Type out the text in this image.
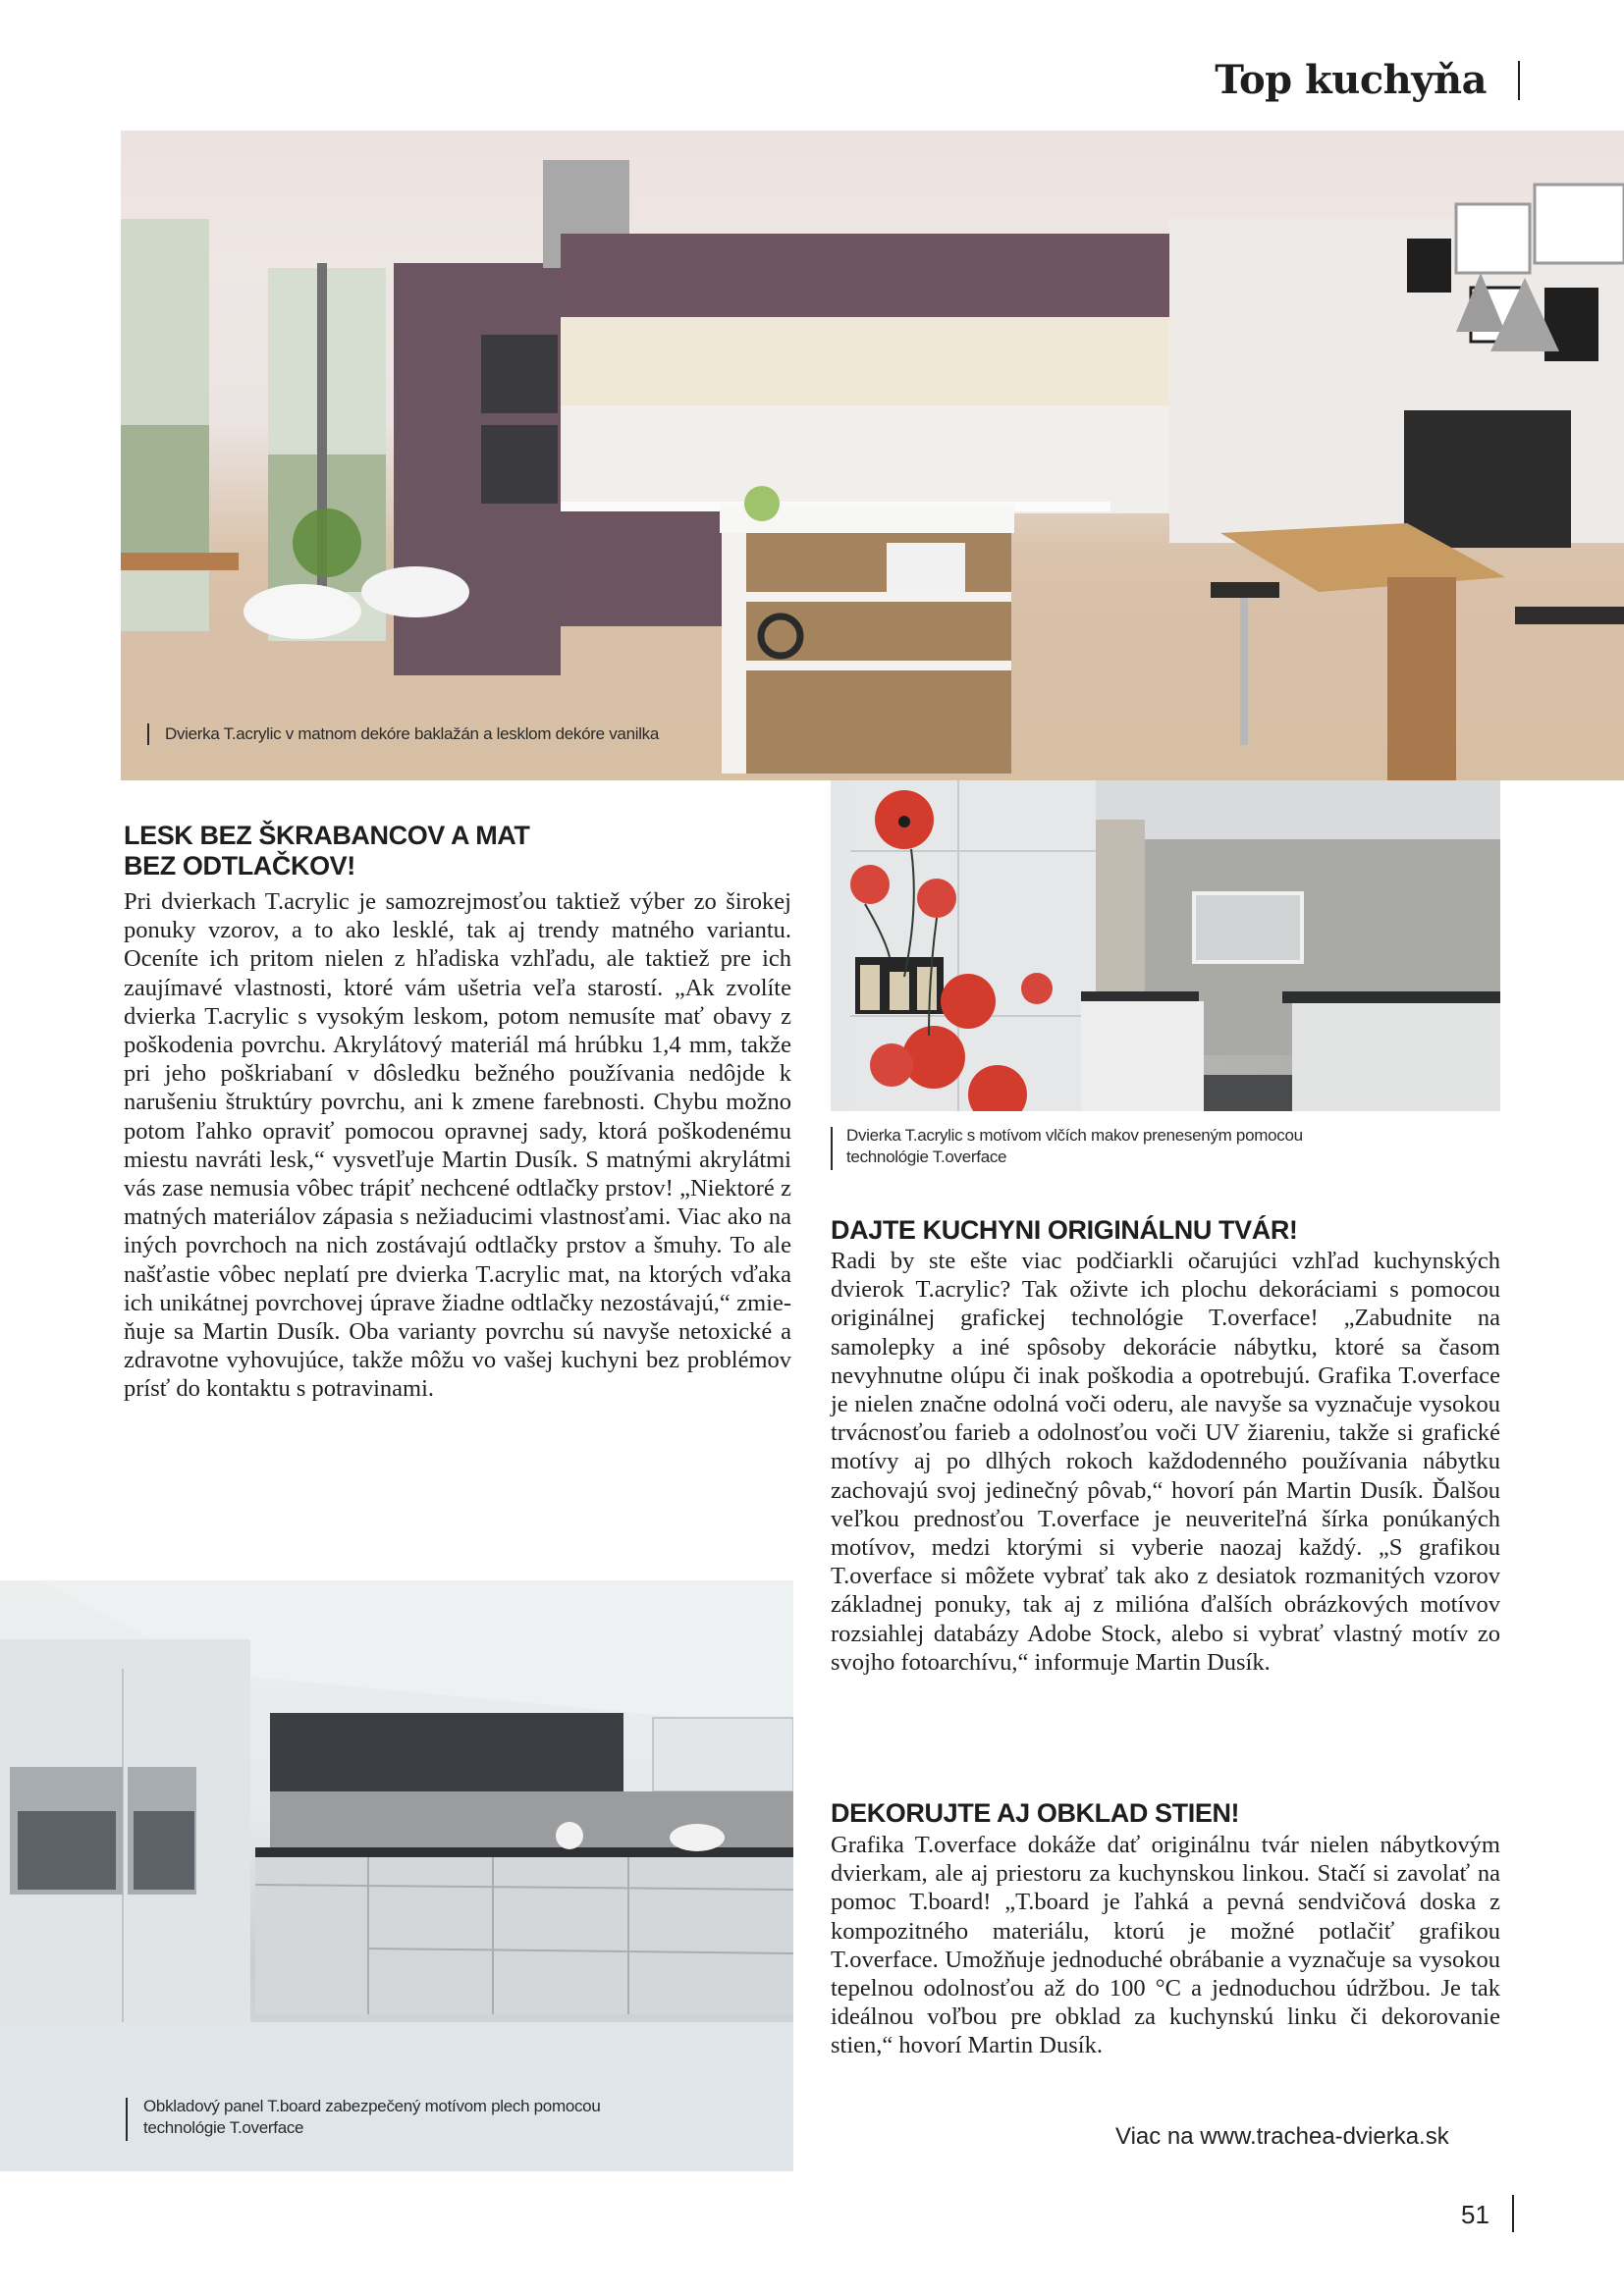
Top kuchyňa
Dvierka T.acrylic v matnom dekóre baklažán a lesklom dekóre vanilka
Dvierka T.acrylic s motívom vlčích makov preneseným pomocou
technológie T.overface
Obkladový panel T.board zabezpečený motívom plech pomocou
technológie T.overface
LESK BEZ ŠKRABANCOV A MAT
BEZ ODTLAČKOV!

Pri dvierkach T.acrylic je samozrejmosťou taktiež výber zo širokej ponuky vzorov, a to ako lesklé, tak aj trendy matného variantu. Oceníte ich pritom nielen z hľadiska vzhľadu, ale taktiež pre ich zaujímavé vlastnosti, ktoré vám ušetria veľa starostí. „Ak zvolíte dvierka T.acrylic s vysokým leskom, potom nemusíte mať obavy z poškodenia povrchu. Akrylátový materiál má hrúbku 1,4 mm, takže pri jeho poškriabaní v dôsledku bežného používania nedôjde k narušeniu štruktúry povrchu, ani k zmene farebnosti. Chybu možno potom ľahko opraviť pomocou opravnej sady, ktorá poškodenému miestu navráti lesk,“ vysvetľuje Martin Dusík. S matnými akrylátmi vás zase nemusia vôbec trápiť nechcené odtlačky prstov! „Niektoré z matných materiálov zápasia s nežiaducimi vlastnosťami. Viac ako na iných povrchoch na nich zostávajú odtlačky prstov a šmuhy. To ale našťastie vôbec neplatí pre dvierka T.acrylic mat, na ktorých vďaka ich unikátnej povrchovej úprave žiadne odtlačky nezostávajú,“ zmieňuje sa Martin Dusík. Oba varianty povrchu sú navyše netoxické a zdravotne vyhovujúce, takže môžu vo vašej kuchyni bez problémov prísť do kontaktu s potravinami.

DAJTE KUCHYNI ORIGINÁLNU TVÁR!

Radi by ste ešte viac podčiarkli očarujúci vzhľad kuchynských dvierok T.acrylic? Tak oživte ich plochu dekoráciami s pomocou originálnej grafickej technológie T.overface! „Zabudnite na samolepky a iné spôsoby dekorácie nábytku, ktoré sa časom nevyhnutne olúpu či inak poškodia a opotrebujú. Grafika T.overface je nielen značne odolná voči oderu, ale navyše sa vyznačuje vysokou trvácnosťou farieb a odolnosťou voči UV žiareniu, takže si grafické motívy aj po dlhých rokoch každodenného používania nábytku zachovajú svoj jedinečný pôvab,“ hovorí pán Martin Dusík. Ďalšou veľkou prednosťou T.overface je neuveriteľná šírka ponúkaných motívov, medzi ktorými si vyberie naozaj každý. „S grafikou T.overface si môžete vybrať tak ako z desiatok rozmanitých vzorov základnej ponuky, tak aj z milióna ďalších obrázkových motívov rozsiahlej databázy Adobe Stock, alebo si vybrať vlastný motív zo svojho fotoarchívu,“ informuje Martin Dusík.

DEKORUJTE AJ OBKLAD STIEN!

Grafika T.overface dokáže dať originálnu tvár nielen nábytkovým dvierkam, ale aj priestoru za kuchynskou linkou. Stačí si zavolať na pomoc T.board! „T.board je ľahká a pevná sendvičová doska z kompozitného materiálu, ktorú je možné potlačiť grafikou T.overface. Umožňuje jednoduché obrábanie a vyznačuje sa vysokou tepelnou odolnosťou až do 100 °C a jednoduchou údržbou. Je tak ideálnou voľbou pre obklad za kuchynskú linku či dekorovanie stien,“ hovorí Martin Dusík.

Viac na www.trachea-dvierka.sk
51
